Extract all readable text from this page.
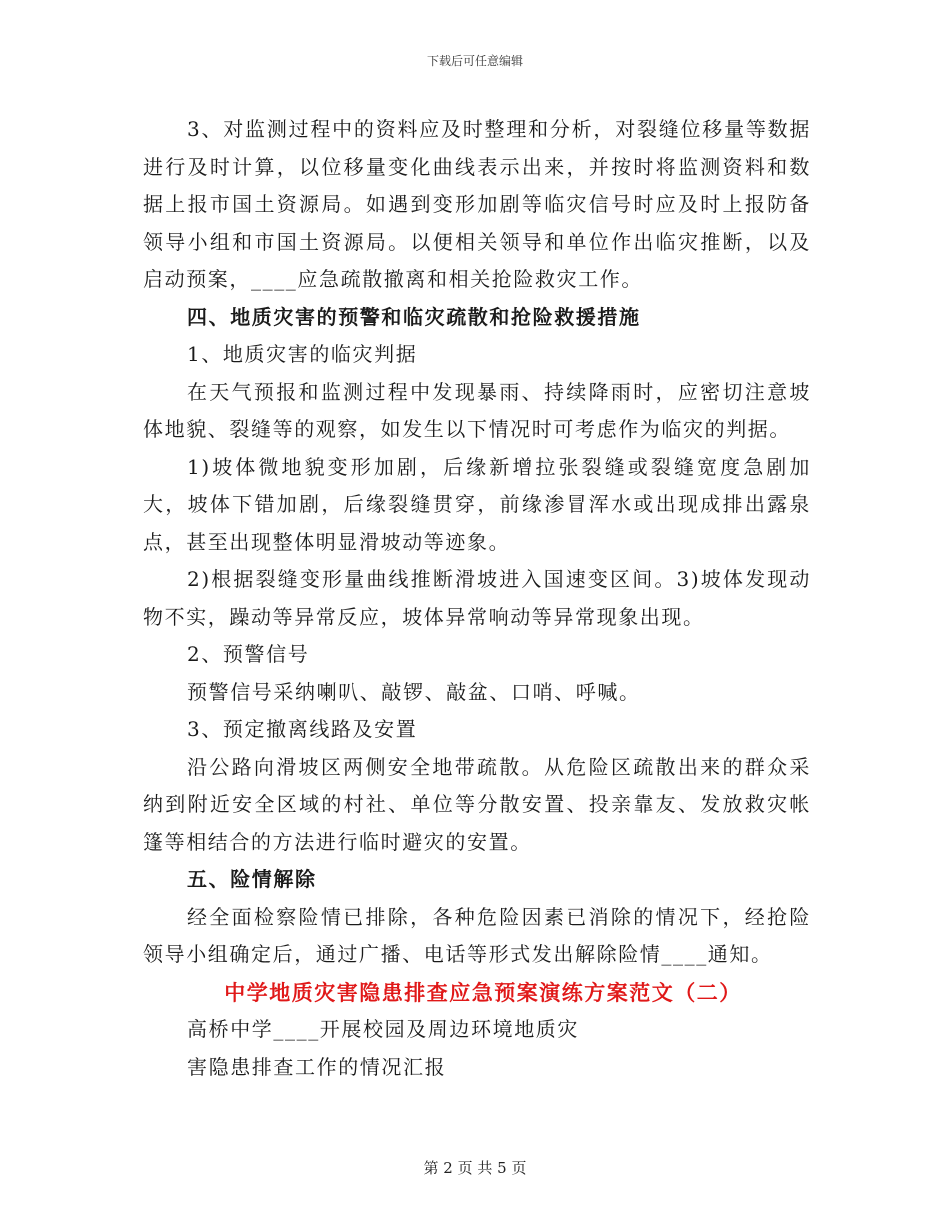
下载后可任意编辑

3、对监测过程中的资料应及时整理和分析，对裂缝位移量等数据进行及时计算，以位移量变化曲线表示出来，并按时将监测资料和数据上报市国土资源局。如遇到变形加剧等临灾信号时应及时上报防备领导小组和市国土资源局。以便相关领导和单位作出临灾推断，以及启动预案，____应急疏散撤离和相关抢险救灾工作。

四、地质灾害的预警和临灾疏散和抢险救援措施

1、地质灾害的临灾判据

在天气预报和监测过程中发现暴雨、持续降雨时，应密切注意坡体地貌、裂缝等的观察，如发生以下情况时可考虑作为临灾的判据。

1)坡体微地貌变形加剧，后缘新增拉张裂缝或裂缝宽度急剧加大，坡体下错加剧，后缘裂缝贯穿，前缘渗冒浑水或出现成排出露泉点，甚至出现整体明显滑坡动等迹象。

2)根据裂缝变形量曲线推断滑坡进入国速变区间。3)坡体发现动物不实，躁动等异常反应，坡体异常响动等异常现象出现。

2、预警信号

预警信号采纳喇叭、敲锣、敲盆、口哨、呼喊。

3、预定撤离线路及安置

沿公路向滑坡区两侧安全地带疏散。从危险区疏散出来的群众采纳到附近安全区域的村社、单位等分散安置、投亲靠友、发放救灾帐篷等相结合的方法进行临时避灾的安置。

五、险情解除

经全面检察险情已排除，各种危险因素已消除的情况下，经抢险领导小组确定后，通过广播、电话等形式发出解除险情____通知。

中学地质灾害隐患排查应急预案演练方案范文（二）

高桥中学____开展校园及周边环境地质灾

害隐患排查工作的情况汇报

第 2 页 共 5 页
